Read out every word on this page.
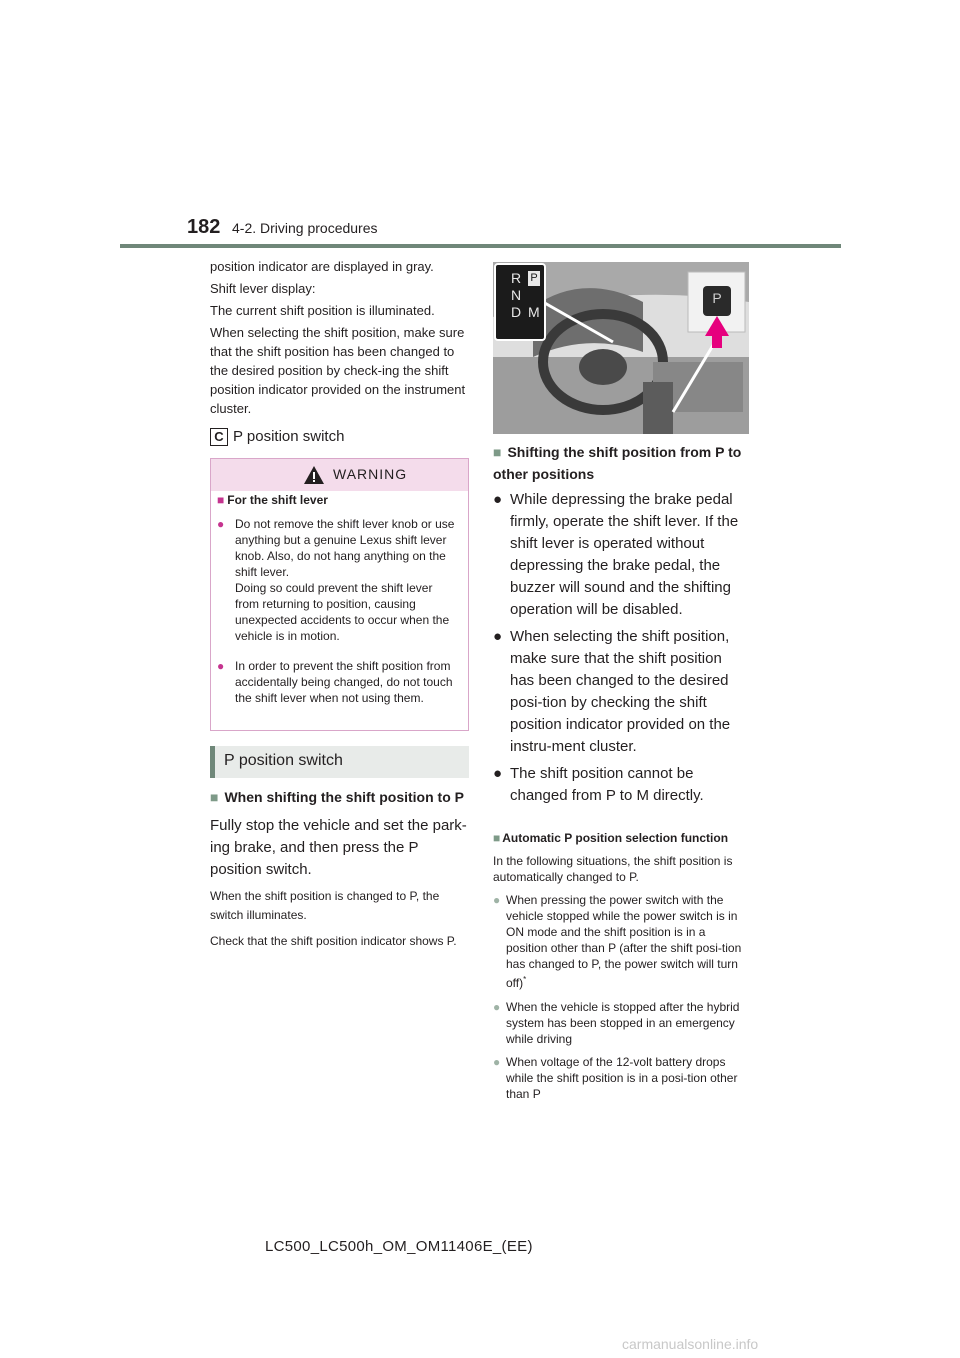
182 4-2. Driving procedures
position indicator are displayed in gray.
Shift lever display:
The current shift position is illuminated.
When selecting the shift position, make sure that the shift position has been changed to the desired position by check-ing the shift position indicator provided on the instrument cluster.
C P position switch
WARNING
■ For the shift lever
● Do not remove the shift lever knob or use anything but a genuine Lexus shift lever knob. Also, do not hang anything on the shift lever.
Doing so could prevent the shift lever from returning to position, causing unexpected accidents to occur when the vehicle is in motion.
● In order to prevent the shift position from accidentally being changed, do not touch the shift lever when not using them.
P position switch
■ When shifting the shift position to P
Fully stop the vehicle and set the park-ing brake, and then press the P position switch.
When the shift position is changed to P, the switch illuminates.
Check that the shift position indicator shows P.
R P
N
D M
P
■ Shifting the shift position from P to other positions
● While depressing the brake pedal firmly, operate the shift lever. If the shift lever is operated without depressing the brake pedal, the buzzer will sound and the shifting operation will be disabled.
● When selecting the shift position, make sure that the shift position has been changed to the desired posi-tion by checking the shift position indicator provided on the instru-ment cluster.
● The shift position cannot be changed from P to M directly.
■ Automatic P position selection function
In the following situations, the shift position is automatically changed to P.
● When pressing the power switch with the vehicle stopped while the power switch is in ON mode and the shift position is in a position other than P (after the shift posi-tion has changed to P, the power switch will turn off)*
● When the vehicle is stopped after the hybrid system has been stopped in an emergency while driving
● When voltage of the 12-volt battery drops while the shift position is in a posi-tion other than P
LC500_LC500h_OM_OM11406E_(EE)
carmanualsonline.info
